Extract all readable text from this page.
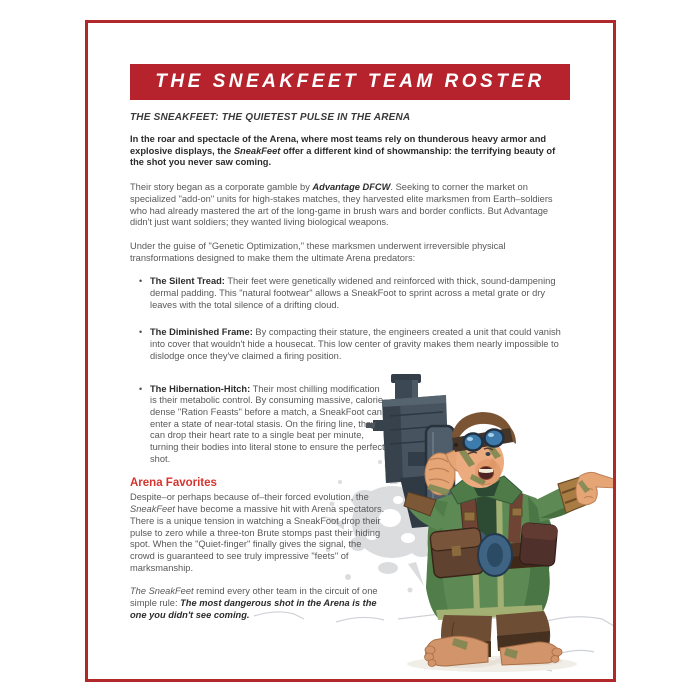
THE SNEAKFEET TEAM ROSTER
THE SNEAKFEET: THE QUIETEST PULSE IN THE ARENA

In the roar and spectacle of the Arena, where most teams rely on thunderous heavy armor and explosive displays, the SneakFeet offer a different kind of showmanship: the terrifying beauty of the shot you never saw coming.

Their story began as a corporate gamble by Advantage DFCW. Seeking to corner the market on specialized "add-on" units for high-stakes matches, they harvested elite marksmen from Earth–soldiers who had already mastered the art of the long-game in brush wars and border conflicts. But Advantage didn't just want soldiers; they wanted living biological weapons.

Under the guise of "Genetic Optimization," these marksmen underwent irreversible physical transformations designed to make them the ultimate Arena predators:

• The Silent Tread: Their feet were genetically widened and reinforced with thick, sound-dampening dermal padding. This "natural footwear" allows a SneakFoot to sprint across a metal grate or dry leaves with the total silence of a drifting cloud.
• The Diminished Frame: By compacting their stature, the engineers created a unit that could vanish into cover that wouldn't hide a housecat. This low center of gravity makes them nearly impossible to dislodge once they've claimed a firing position.
• The Hibernation-Hitch: Their most chilling modification is their metabolic control. By consuming massive, calorie-dense "Ration Feasts" before a match, a SneakFoot can enter a state of near-total stasis. On the firing line, they can drop their heart rate to a single beat per minute, turning their bodies into literal stone to ensure the perfect shot.
Arena Favorites

Despite–or perhaps because of–their forced evolution, the SneakFeet have become a massive hit with Arena spectators. There is a unique tension in watching a SneakFoot drop their pulse to zero while a three-ton Brute stomps past their hiding spot. When the "Quiet-finger" finally gives the signal, the crowd is guaranteed to see truly impressive "feets" of marksmanship.

The SneakFeet remind every other team in the circuit of one simple rule: The most dangerous shot in the Arena is the one you didn't see coming.
